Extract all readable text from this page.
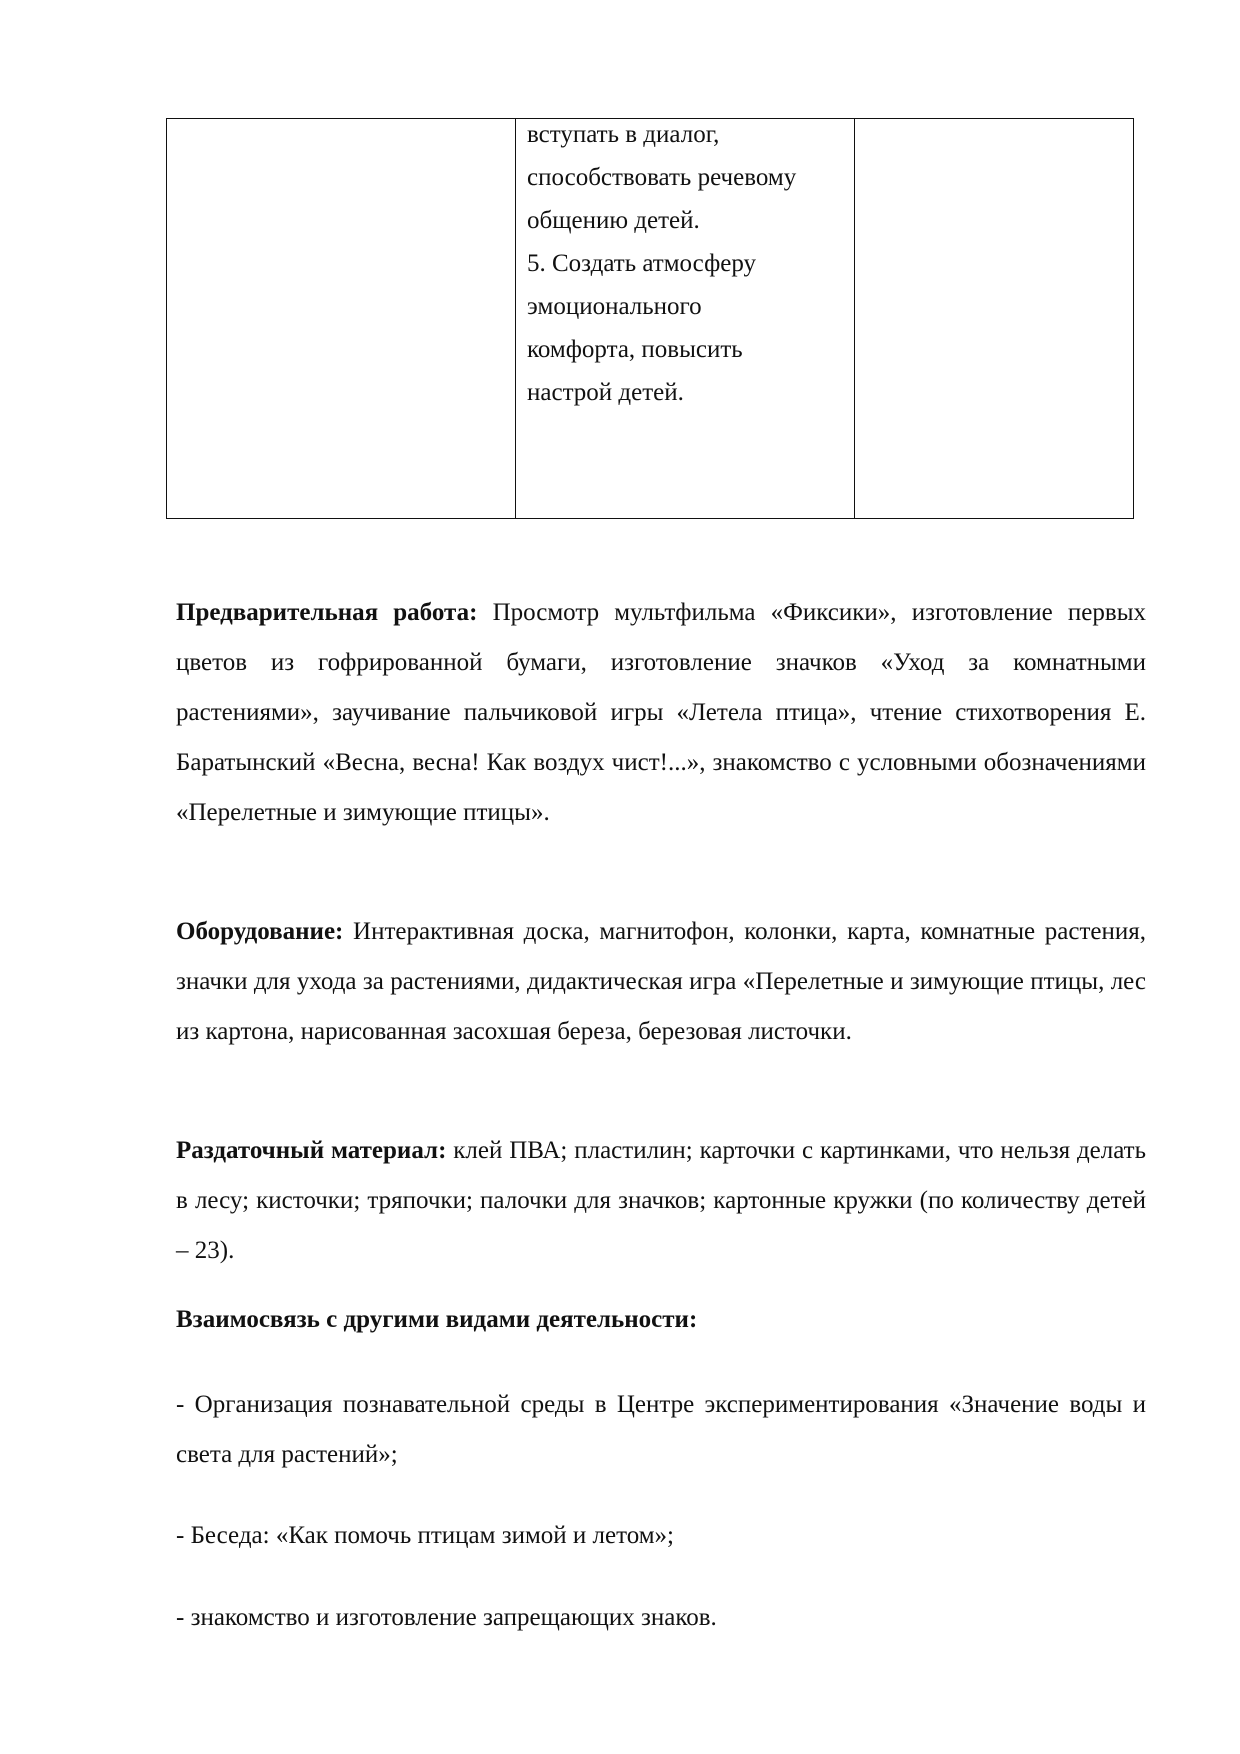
вступать в диалог,
способствовать речевому
общению детей.
5. Создать атмосферу
эмоционального
комфорта, повысить
настрой детей.

Предварительная работа: Просмотр мультфильма «Фиксики», изготовление первых цветов из гофрированной бумаги, изготовление значков «Уход за комнатными растениями», заучивание пальчиковой игры «Летела птица», чтение стихотворения Е. Баратынский «Весна, весна! Как воздух чист!...», знакомство с условными обозначениями «Перелетные и зимующие птицы».

Оборудование: Интерактивная доска, магнитофон, колонки, карта, комнатные растения, значки для ухода за растениями, дидактическая игра «Перелетные и зимующие птицы, лес из картона, нарисованная засохшая береза, березовая листочки.

Раздаточный материал: клей ПВА; пластилин; карточки с картинками, что нельзя делать в лесу; кисточки; тряпочки; палочки для значков; картонные кружки (по количеству детей – 23).

Взаимосвязь с другими видами деятельности:

- Организация познавательной среды в Центре экспериментирования «Значение воды и света для растений»;

- Беседа: «Как помочь птицам зимой и летом»;

- знакомство и изготовление запрещающих знаков.
